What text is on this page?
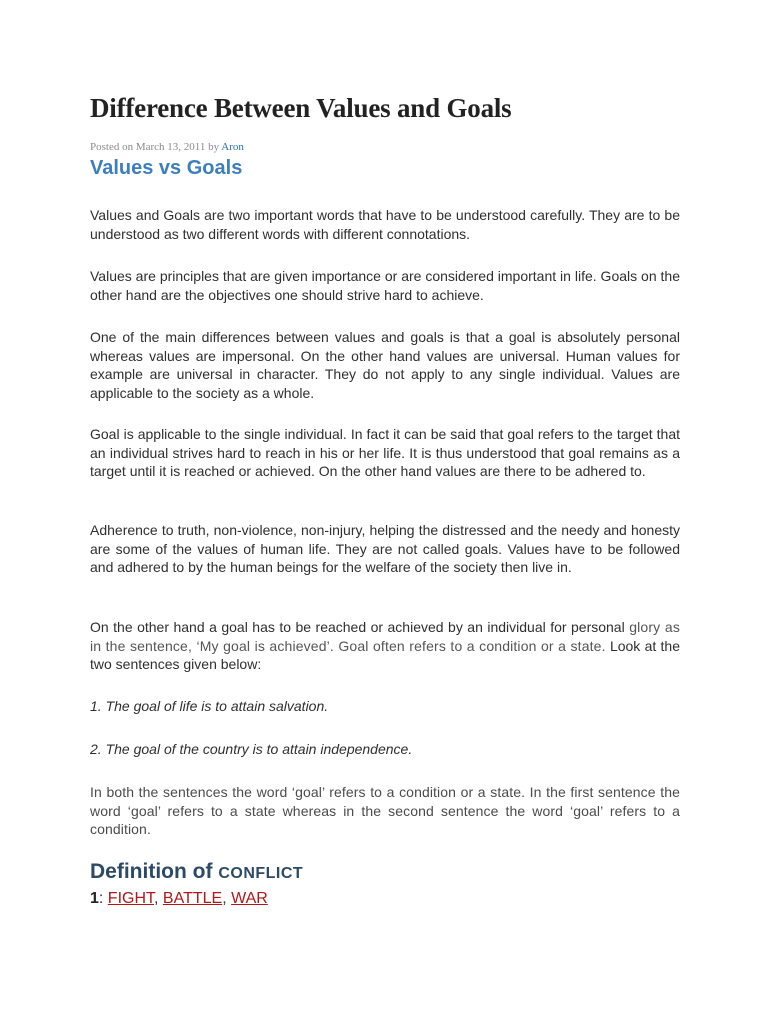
Difference Between Values and Goals
Posted on March 13, 2011 by Aron
Values vs Goals

Values and Goals are two important words that have to be understood carefully. They are to be understood as two different words with different connotations.

Values are principles that are given importance or are considered important in life. Goals on the other hand are the objectives one should strive hard to achieve.

One of the main differences between values and goals is that a goal is absolutely personal whereas values are impersonal. On the other hand values are universal. Human values for example are universal in character. They do not apply to any single individual. Values are applicable to the society as a whole.

Goal is applicable to the single individual. In fact it can be said that goal refers to the target that an individual strives hard to reach in his or her life. It is thus understood that goal remains as a target until it is reached or achieved. On the other hand values are there to be adhered to.

Adherence to truth, non-violence, non-injury, helping the distressed and the needy and honesty are some of the values of human life. They are not called goals. Values have to be followed and adhered to by the human beings for the welfare of the society then live in.

On the other hand a goal has to be reached or achieved by an individual for personal glory as in the sentence, ‘My goal is achieved’. Goal often refers to a condition or a state. Look at the two sentences given below:

1. The goal of life is to attain salvation.

2. The goal of the country is to attain independence.

In both the sentences the word ‘goal’ refers to a condition or a state. In the first sentence the word ‘goal’ refers to a state whereas in the second sentence the word ‘goal’ refers to a condition.

Definition of CONFLICT
1: FIGHT, BATTLE, WAR
